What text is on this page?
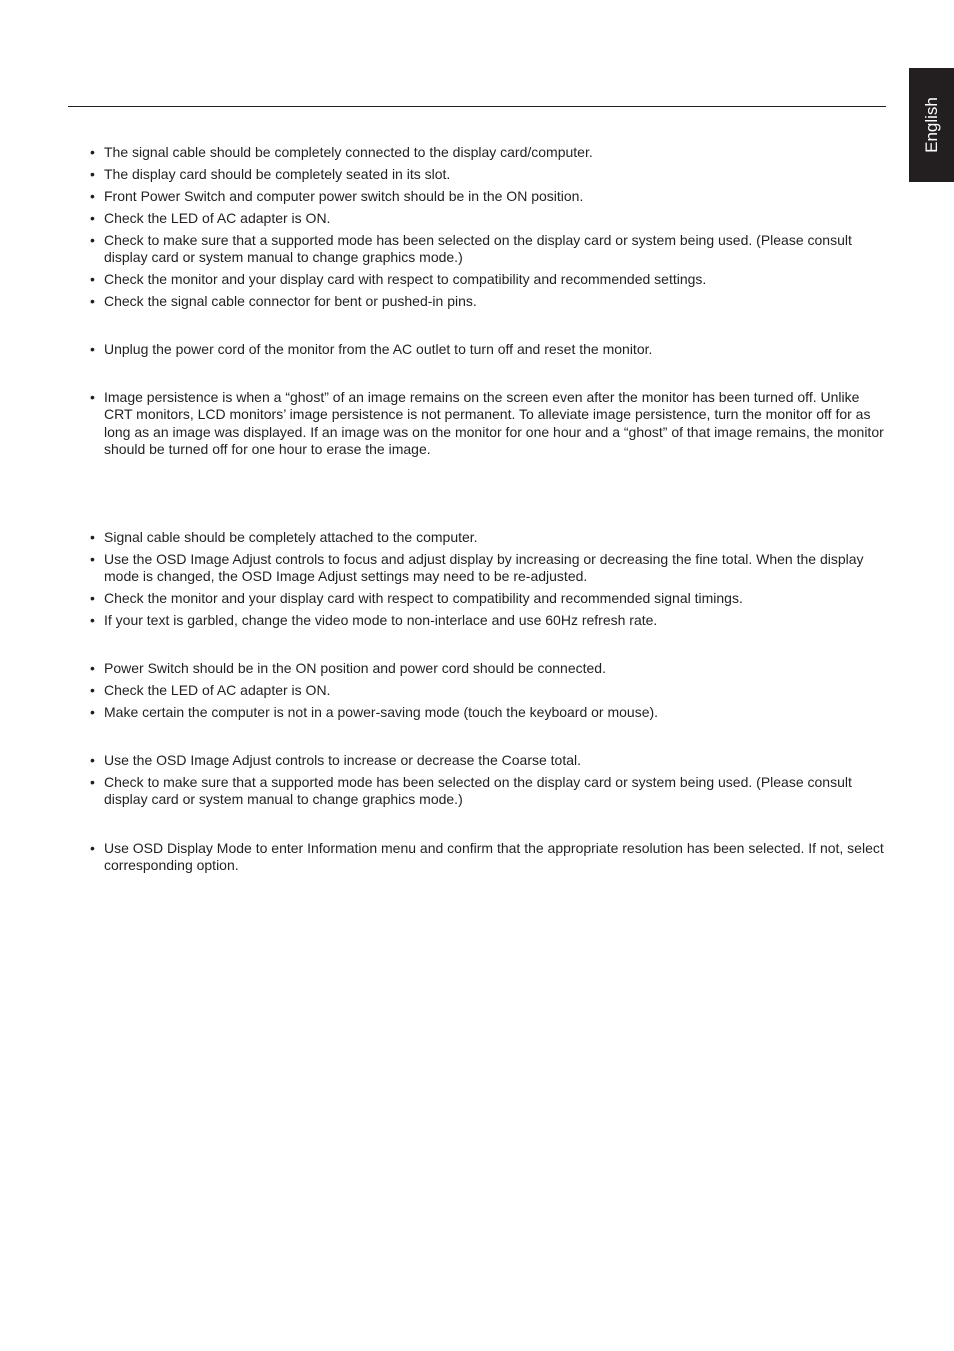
English
• The signal cable should be completely connected to the display card/computer.
• The display card should be completely seated in its slot.
• Front Power Switch and computer power switch should be in the ON position.
• Check the LED of AC adapter is ON.
• Check to make sure that a supported mode has been selected on the display card or system being used. (Please consult display card or system manual to change graphics mode.)
• Check the monitor and your display card with respect to compatibility and recommended settings.
• Check the signal cable connector for bent or pushed-in pins.
• Unplug the power cord of the monitor from the AC outlet to turn off and reset the monitor.
• Image persistence is when a “ghost” of an image remains on the screen even after the monitor has been turned off. Unlike CRT monitors, LCD monitors’ image persistence is not permanent. To alleviate image persistence, turn the monitor off for as long as an image was displayed. If an image was on the monitor for one hour and a “ghost” of that image remains, the monitor should be turned off for one hour to erase the image.
• Signal cable should be completely attached to the computer.
• Use the OSD Image Adjust controls to focus and adjust display by increasing or decreasing the fine total. When the display mode is changed, the OSD Image Adjust settings may need to be re-adjusted.
• Check the monitor and your display card with respect to compatibility and recommended signal timings.
• If your text is garbled, change the video mode to non-interlace and use 60Hz refresh rate.
• Power Switch should be in the ON position and power cord should be connected.
• Check the LED of AC adapter is ON.
• Make certain the computer is not in a power-saving mode (touch the keyboard or mouse).
• Use the OSD Image Adjust controls to increase or decrease the Coarse total.
• Check to make sure that a supported mode has been selected on the display card or system being used. (Please consult display card or system manual to change graphics mode.)
• Use OSD Display Mode to enter Information menu and confirm that the appropriate resolution has been selected. If not, select corresponding option.
